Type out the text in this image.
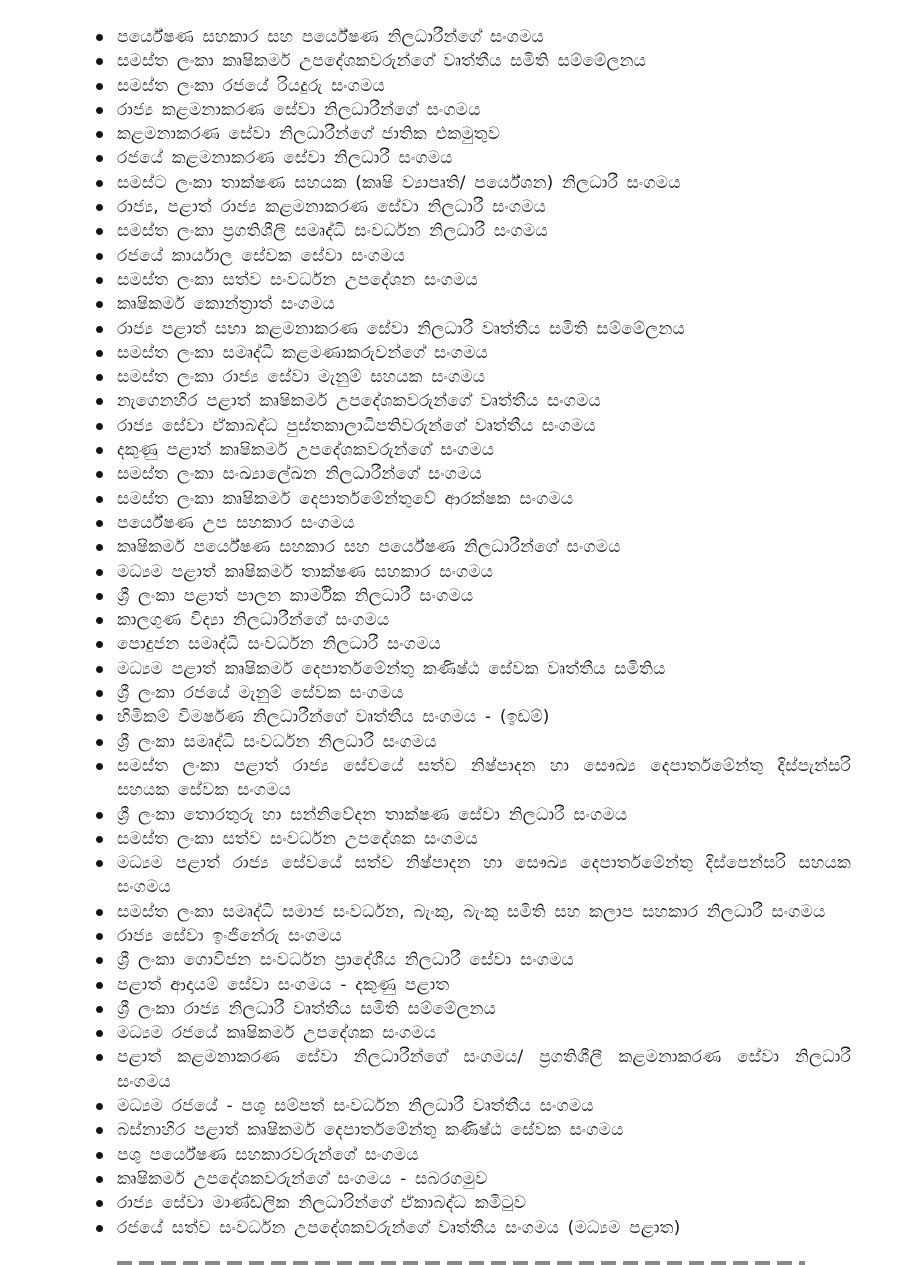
පර්යේෂණ සහකාර සහ පර්යේෂණ නිලධාරීන්ගේ සංගමය
සමස්ත ලංකා කෘෂිකර්ම උපදේශකවරුන්ගේ වෘත්තීය සමිති සම්මේලනය
සමස්ත ලංකා රජයේ රියදුරු සංගමය
රාජ්‍ය කළමනාකරණ සේවා නිලධාරීන්ගේ සංගමය
කළමනාකරණ සේවා නිලධාරීන්ගේ ජාතික එකමුතුව
රජයේ කළමනාකරණ සේවා නිලධාරී සංගමය
සමස්ට ලංකා තාක්ෂණ සහයක (කෘෂි ව්‍යාපෘති/ පර්යේශන) නිලධාරී සංගමය
රාජ්‍ය, පළාත් රාජ්‍ය කළමනාකරණ සේවා නිලධාරී සංගමය
සමස්ත ලංකා ප්‍රගතිශීලී සමෘද්ධි සංවර්ධන නිලධාරී සංගමය
රජයේ කාර්යාල සේවක සේවා සංගමය
සමස්ත ලංකා සත්ව සංවර්ධන උපදේශන සංගමය
කෘෂිකර්ම කොන්ත්‍රාත් සංගමය
රාජ්‍ය පළාත් සභා කළමනාකරණ සේවා නිලධාරී වෘත්තීය සමිති සම්මේලනය
සමස්ත ලංකා සමෘද්ධි කළමණාකරුවන්ගේ සංගමය
සමස්ත ලංකා රාජ්‍ය සේවා මැනුම් සහයක සංගමය
නැගෙනහිර පළාත් කෘෂිකර්ම උපදේශකවරුන්ගේ වෘත්තීය සංගමය
රාජ්‍ය සේවා ඒකාබද්ධ පුස්තකාලාධිපතිවරුන්ගේ වෘත්තීය සංගමය
දකුණු පළාත් කෘෂිකර්ම උපදේශකවරුන්ගේ සංගමය
සමස්ත ලංකා සංඛ්‍යාලේඛන නිලධාරීන්ගේ සංගමය
සමස්ත ලංකා කෘෂිකර්ම දෙපාර්තමේන්තුවේ ආරක්ෂක සංගමය
පර්යේෂණ උප සහකාර සංගමය
කෘෂිකර්ම පර්යේෂණ සහකාර සහ පර්යේෂණ නිලධාරීන්ගේ සංගමය
මධ්‍යම පළාත් කෘෂිකර්ම තාක්ෂණ සහකාර සංගමය
ශ්‍රී ලංකා පළාත් පාලන කාර්මික නිලධාරී සංගමය
කාලගුණ විද්‍යා නිලධාරීන්ගේ සංගමය
පොදුජන සමෘද්ධි සංවර්ධන නිලධාරී සංගමය
මධ්‍යම පළාත් කෘෂිකර්ම දෙපාර්තමේන්තු කණිෂ්ඨ සේවක වෘත්තීය සමිතිය
ශ්‍රී ලංකා රජයේ මැනුම් සේවක සංගමය
හිමිකම් විමර්ෂණ නිලධාරීන්ගේ වෘත්තීය සංගමය - (ඉඩම්)
ශ්‍රී ලංකා සමෘද්ධි සංවර්ධන නිලධාරී සංගමය
සමස්ත ලංකා පළාත් රාජ්‍ය සේවයේ සත්ව නිෂ්පාදන හා සෞඛ්‍ය දෙපාර්තමේන්තු දිස්පැන්සරි සහයක සේවක සංගමය
ශ්‍රී ලංකා තොරතුරු හා සන්නිවේදන තාක්ෂණ සේවා නිලධාරී සංගමය
සමස්ත ලංකා සත්ව සංවර්ධන උපදේශක සංගමය
මධ්‍යම පළාත් රාජ්‍ය සේවයේ සත්ව නිෂ්පාදන හා සෞඛ්‍ය දෙපාර්තමේන්තු දිස්පෙන්සරි සහයක සංගමය
සමස්ත ලංකා සමෘද්ධි සමාජ සංවර්ධන, බැංකු, බැංකු සමිති සහ කලාප සහකාර නිලධාරී සංගමය
රාජ්‍ය සේවා ඉංජිනේරු සංගමය
ශ්‍රී ලංකා ගොවිජන සංවර්ධන ප්‍රාදේශීය නිලධාරී සේවා සංගමය
පළාත් ආදායම් සේවා සංගමය - දකුණු පළාත
ශ්‍රී ලංකා රාජ්‍ය නිලධාරී වෘත්තීය සමිති සම්මේලනය
මධ්‍යම රජයේ කෘෂිකර්ම උපදේශක සංගමය
පළාත් කළමනාකරණ සේවා නිලධාරීන්ගේ සංගමය/ ප්‍රගතිශීලී කළමනාකරණ සේවා නිලධාරී සංගමය
මධ්‍යම රජයේ - පශු සම්පත් සංවර්ධන නිලධාරී වෘත්තීය සංගමය
බස්නාහිර පළාත් කෘෂිකර්ම දෙපාර්තමේන්තු කණිෂ්ඨ සේවක සංගමය
පශු පර්යේෂණ සහකාරවරුන්ගේ සංගමය
කෘෂිකර්ම උපදේශකවරුන්ගේ සංගමය - සබරගමුව
රාජ්‍ය සේවා මාණ්ඩලික නිලධාරින්ගේ ඒකාබද්ධ කමිටුව
රජයේ සත්ව සංවර්ධන උපදේශකවරුන්ගේ වෘත්තීය සංගමය (මධ්‍යම පළාත)
